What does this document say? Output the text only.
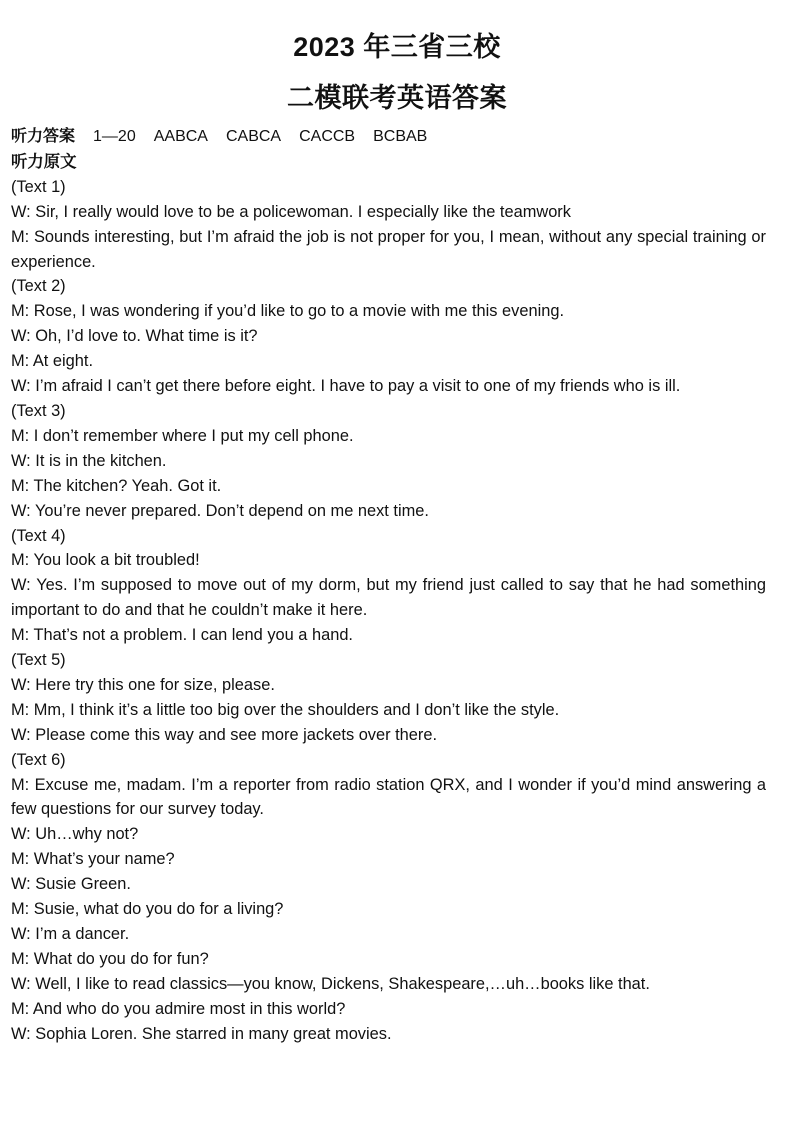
2023 年三省三校
二模联考英语答案
听力答案 1—20 AABCA CABCA CACCB BCBAB
听力原文
(Text 1)
W: Sir, I really would love to be a policewoman. I especially like the teamwork
M: Sounds interesting, but I’m afraid the job is not proper for you, I mean, without any special training or experience.
(Text 2)
M: Rose, I was wondering if you’d like to go to a movie with me this evening.
W: Oh, I’d love to. What time is it?
M: At eight.
W: I’m afraid I can’t get there before eight. I have to pay a visit to one of my friends who is ill.
(Text 3)
M: I don’t remember where I put my cell phone.
W: It is in the kitchen.
M: The kitchen? Yeah. Got it.
W: You’re never prepared. Don’t depend on me next time.
(Text 4)
M: You look a bit troubled!
W: Yes. I’m supposed to move out of my dorm, but my friend just called to say that he had something important to do and that he couldn’t make it here.
M: That’s not a problem. I can lend you a hand.
(Text 5)
W: Here try this one for size, please.
M: Mm, I think it’s a little too big over the shoulders and I don’t like the style.
W: Please come this way and see more jackets over there.
(Text 6)
M: Excuse me, madam. I’m a reporter from radio station QRX, and I wonder if you’d mind answering a few questions for our survey today.
W: Uh…why not?
M: What’s your name?
W: Susie Green.
M: Susie, what do you do for a living?
W: I’m a dancer.
M: What do you do for fun?
W: Well, I like to read classics—you know, Dickens, Shakespeare,…uh…books like that.
M: And who do you admire most in this world?
W: Sophia Loren. She starred in many great movies.
